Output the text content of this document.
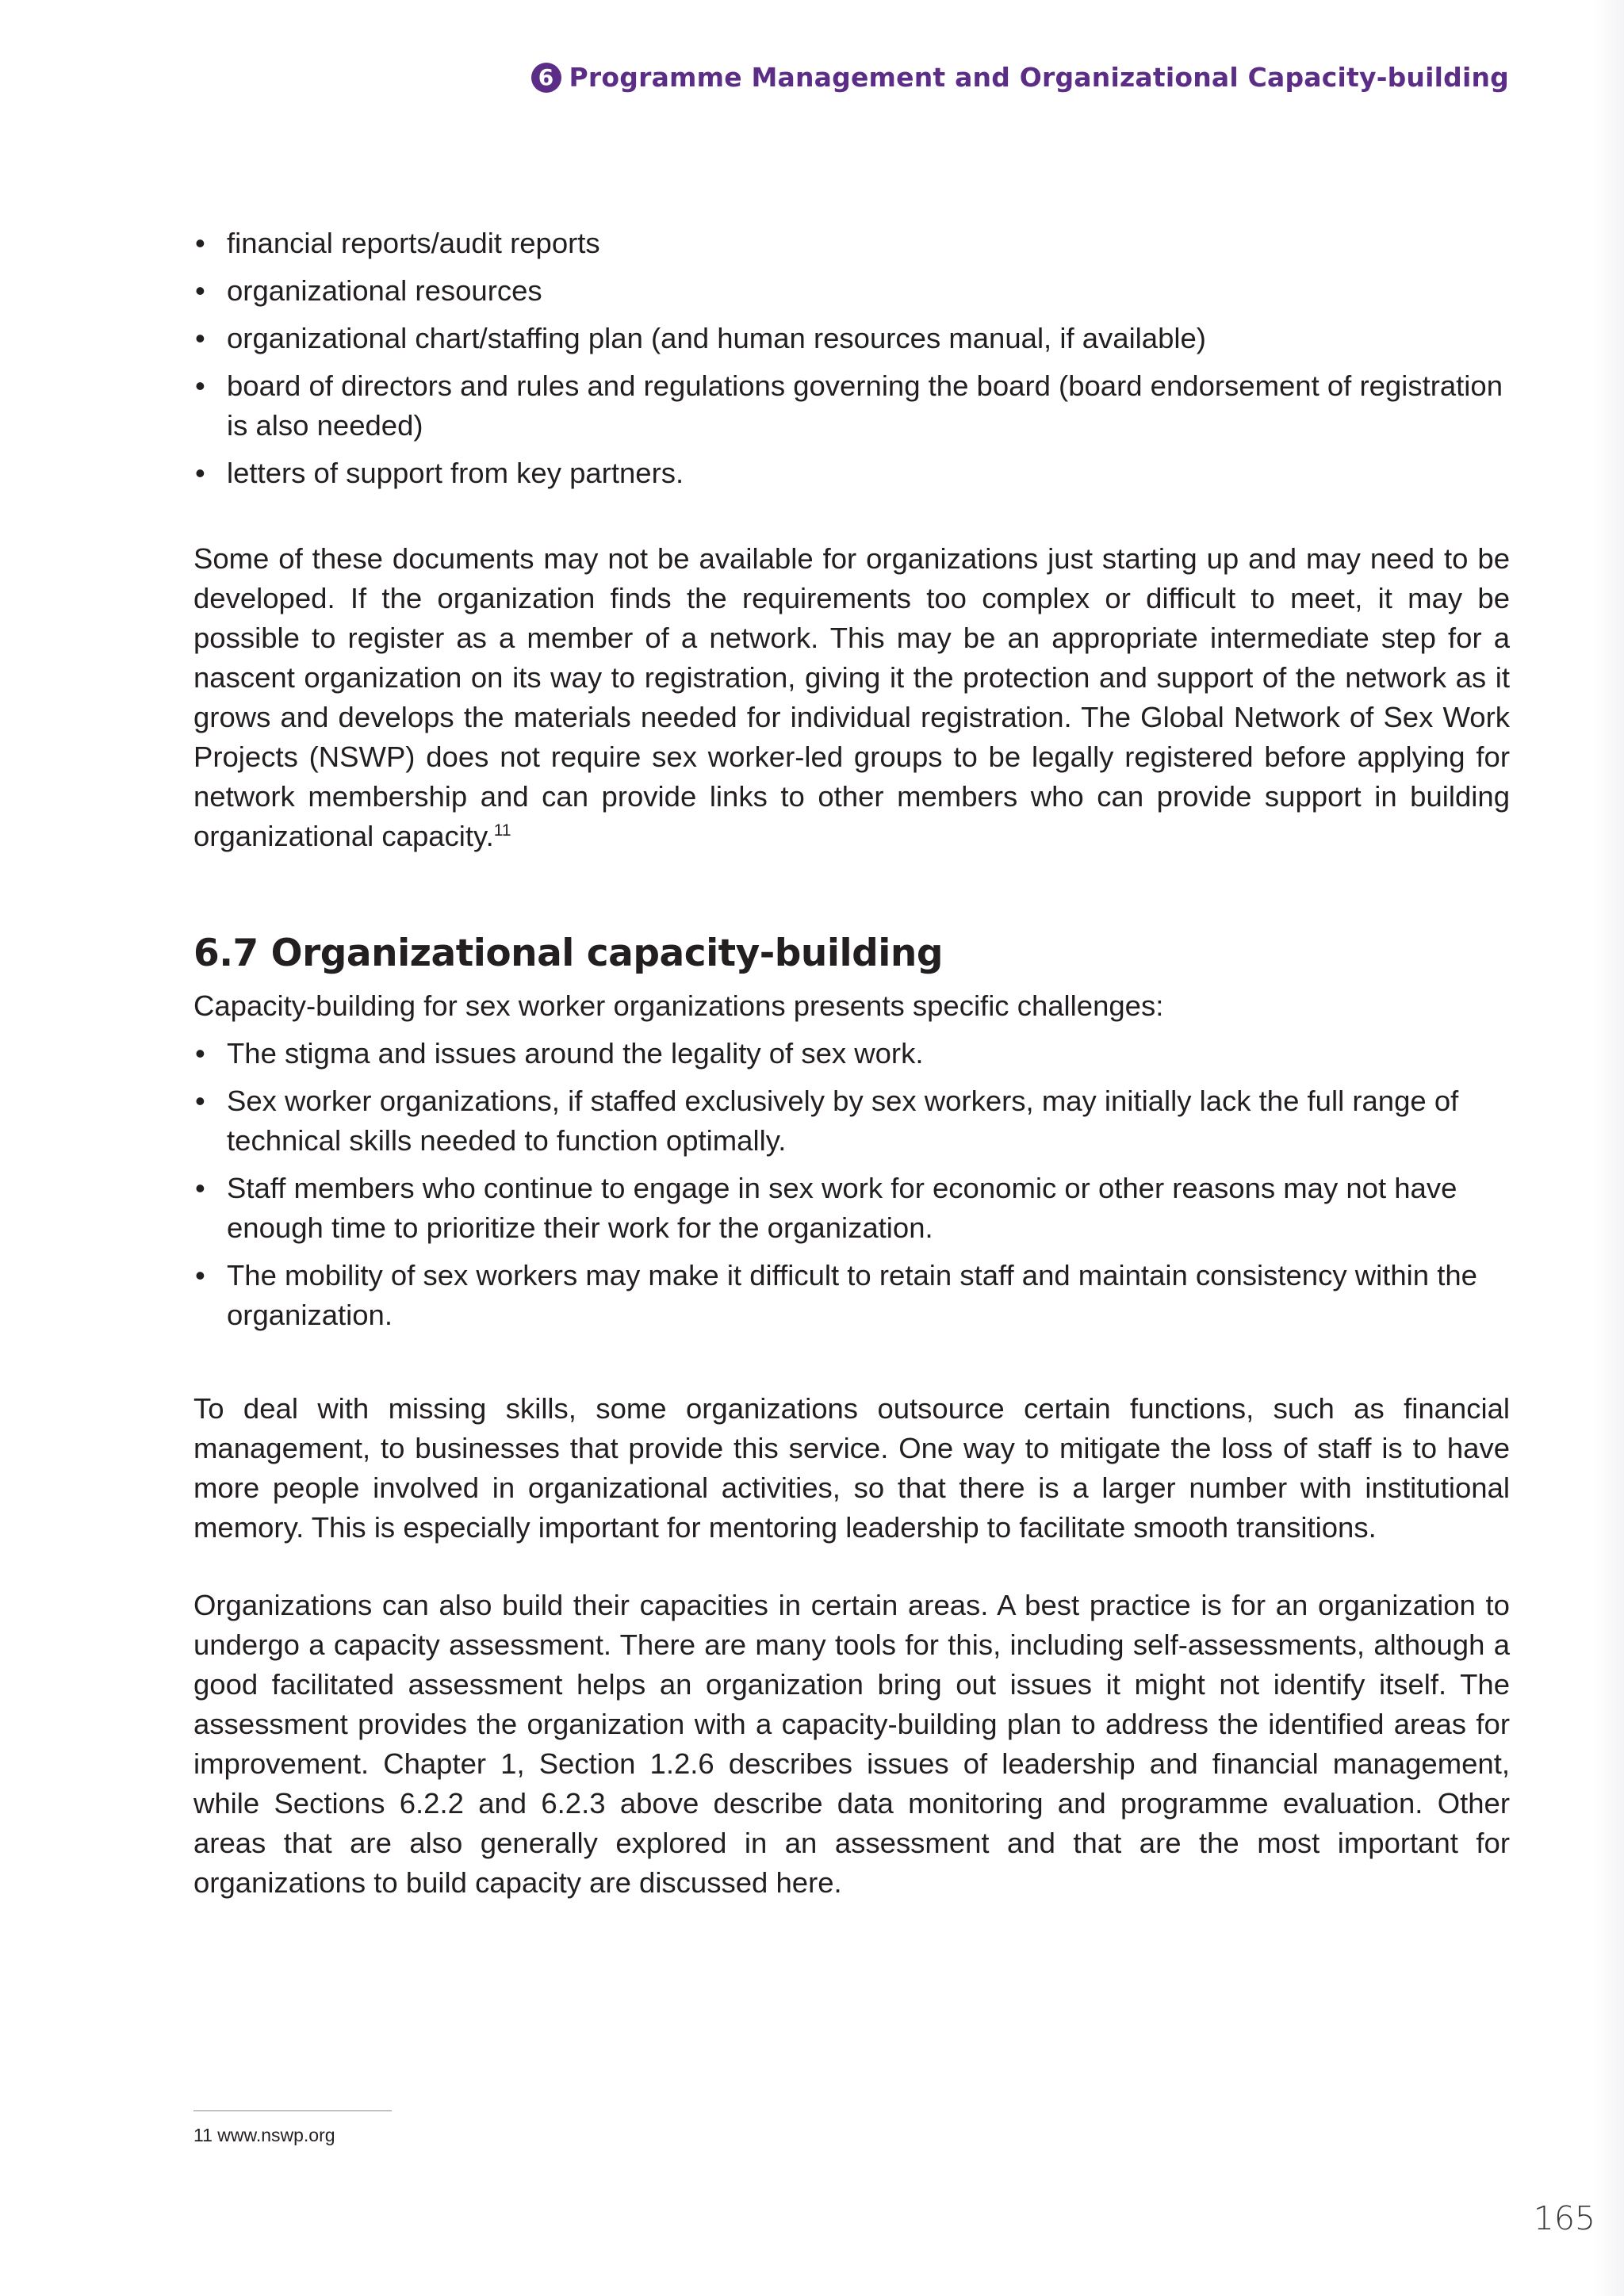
6 Programme Management and Organizational Capacity-building
• financial reports/audit reports
• organizational resources
• organizational chart/staffing plan (and human resources manual, if available)
• board of directors and rules and regulations governing the board (board endorsement of registration is also needed)
• letters of support from key partners.

Some of these documents may not be available for organizations just starting up and may need to be developed. If the organization finds the requirements too complex or difficult to meet, it may be possible to register as a member of a network. This may be an appropriate intermediate step for a nascent organization on its way to registration, giving it the protection and support of the network as it grows and develops the materials needed for individual registration. The Global Network of Sex Work Projects (NSWP) does not require sex worker-led groups to be legally registered before applying for network membership and can provide links to other members who can provide support in building organizational capacity.$^{11}$

6.7 Organizational capacity-building

Capacity-building for sex worker organizations presents specific challenges:

• The stigma and issues around the legality of sex work.
• Sex worker organizations, if staffed exclusively by sex workers, may initially lack the full range of technical skills needed to function optimally.
• Staff members who continue to engage in sex work for economic or other reasons may not have enough time to prioritize their work for the organization.
• The mobility of sex workers may make it difficult to retain staff and maintain consistency within the organization.

To deal with missing skills, some organizations outsource certain functions, such as financial management, to businesses that provide this service. One way to mitigate the loss of staff is to have more people involved in organizational activities, so that there is a larger number with institutional memory. This is especially important for mentoring leadership to facilitate smooth transitions.

Organizations can also build their capacities in certain areas. A best practice is for an organization to undergo a capacity assessment. There are many tools for this, including self-assessments, although a good facilitated assessment helps an organization bring out issues it might not identify itself. The assessment provides the organization with a capacity-building plan to address the identified areas for improvement. Chapter 1, Section 1.2.6 describes issues of leadership and financial management, while Sections 6.2.2 and 6.2.3 above describe data monitoring and programme evaluation. Other areas that are also generally explored in an assessment and that are the most important for organizations to build capacity are discussed here.

11 www.nswp.org
165
